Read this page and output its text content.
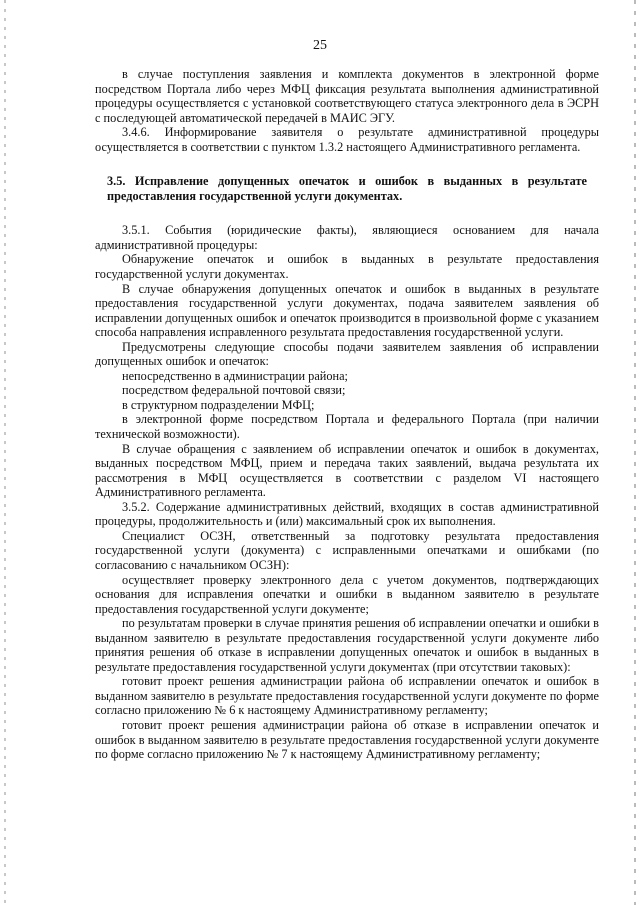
25

в случае поступления заявления и комплекта документов в электронной форме посредством Портала либо через МФЦ фиксация результата выполнения административной процедуры осуществляется с установкой соответствующего статуса электронного дела в ЭСРН с последующей автоматической передачей в МАИС ЭГУ.

3.4.6. Информирование заявителя о результате административной процедуры осуществляется в соответствии с пунктом 1.3.2 настоящего Административного регламента.

3.5. Исправление допущенных опечаток и ошибок в выданных в результате предоставления государственной услуги документах.

3.5.1. События (юридические факты), являющиеся основанием для начала административной процедуры:

Обнаружение опечаток и ошибок в выданных в результате предоставления государственной услуги документах.

В случае обнаружения допущенных опечаток и ошибок в выданных в результате предоставления государственной услуги документах, подача заявителем заявления об исправлении допущенных ошибок и опечаток производится в произвольной форме с указанием способа направления исправленного результата предоставления государственной услуги.

Предусмотрены следующие способы подачи заявителем заявления об исправлении допущенных ошибок и опечаток:

непосредственно в администрации района;

посредством федеральной почтовой связи;

в структурном подразделении МФЦ;

в электронной форме посредством Портала и федерального Портала (при наличии технической возможности).

В случае обращения с заявлением об исправлении опечаток и ошибок в документах, выданных посредством МФЦ, прием и передача таких заявлений, выдача результата их рассмотрения в МФЦ осуществляется в соответствии с разделом VI настоящего Административного регламента.

3.5.2. Содержание административных действий, входящих в состав административной процедуры, продолжительность и (или) максимальный срок их выполнения.

Специалист ОСЗН, ответственный за подготовку результата предоставления государственной услуги (документа) с исправленными опечатками и ошибками (по согласованию с начальником ОСЗН):

осуществляет проверку электронного дела с учетом документов, подтверждающих основания для исправления опечатки и ошибки в выданном заявителю в результате предоставления государственной услуги документе;

по результатам проверки в случае принятия решения об исправлении опечатки и ошибки в выданном заявителю в результате предоставления государственной услуги документе либо принятия решения об отказе в исправлении допущенных опечаток и ошибок в выданных в результате предоставления государственной услуги документах (при отсутствии таковых):

готовит проект решения администрации района об исправлении опечаток и ошибок в выданном заявителю в результате предоставления государственной услуги документе по форме согласно приложению № 6 к настоящему Административному регламенту;

готовит проект решения администрации района об отказе в исправлении опечаток и ошибок в выданном заявителю в результате предоставления государственной услуги документе по форме согласно приложению № 7 к настоящему Административному регламенту;
